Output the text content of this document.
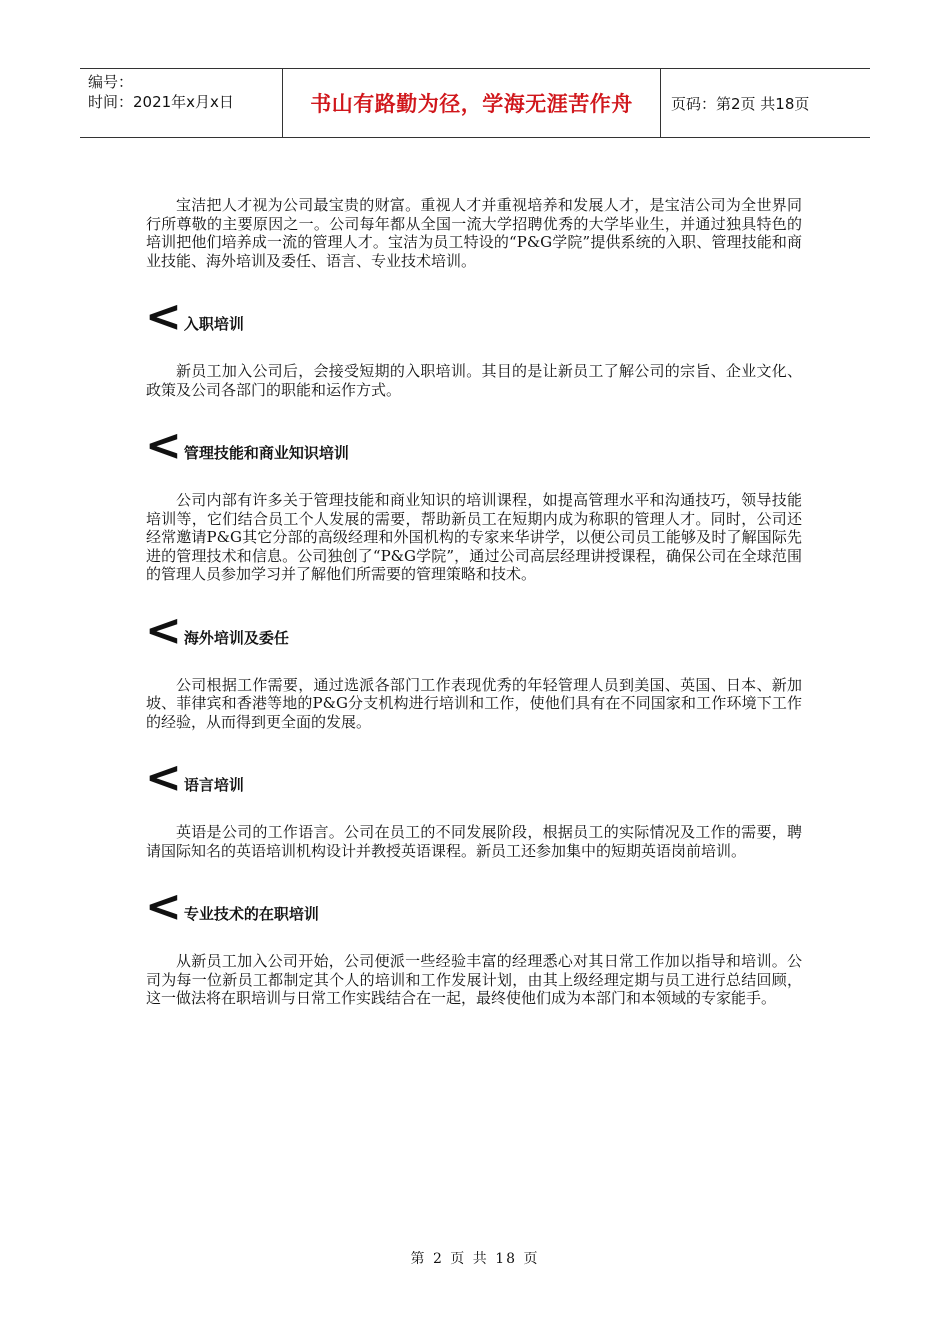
编号：
时间：2021年x月x日	书山有路勤为径，学海无涯苦作舟	页码：第2页 共18页

宝洁把人才视为公司最宝贵的财富。重视人才并重视培养和发展人才，是宝洁公司为全世界同行所尊敬的主要原因之一。公司每年都从全国一流大学招聘优秀的大学毕业生，并通过独具特色的培训把他们培养成一流的管理人才。宝洁为员工特设的“P&G学院”提供系统的入职、管理技能和商业技能、海外培训及委任、语言、专业技术培训。

< 入职培训

新员工加入公司后，会接受短期的入职培训。其目的是让新员工了解公司的宗旨、企业文化、政策及公司各部门的职能和运作方式。

< 管理技能和商业知识培训

公司内部有许多关于管理技能和商业知识的培训课程，如提高管理水平和沟通技巧，领导技能培训等，它们结合员工个人发展的需要，帮助新员工在短期内成为称职的管理人才。同时，公司还经常邀请P&G其它分部的高级经理和外国机构的专家来华讲学，以便公司员工能够及时了解国际先进的管理技术和信息。公司独创了“P&G学院”，通过公司高层经理讲授课程，确保公司在全球范围的管理人员参加学习并了解他们所需要的管理策略和技术。

< 海外培训及委任

公司根据工作需要，通过选派各部门工作表现优秀的年轻管理人员到美国、英国、日本、新加坡、菲律宾和香港等地的P&G分支机构进行培训和工作，使他们具有在不同国家和工作环境下工作的经验，从而得到更全面的发展。

< 语言培训

英语是公司的工作语言。公司在员工的不同发展阶段，根据员工的实际情况及工作的需要，聘请国际知名的英语培训机构设计并教授英语课程。新员工还参加集中的短期英语岗前培训。

< 专业技术的在职培训

从新员工加入公司开始，公司便派一些经验丰富的经理悉心对其日常工作加以指导和培训。公司为每一位新员工都制定其个人的培训和工作发展计划，由其上级经理定期与员工进行总结回顾，这一做法将在职培训与日常工作实践结合在一起，最终使他们成为本部门和本领域的专家能手。

第 2 页 共 18 页
